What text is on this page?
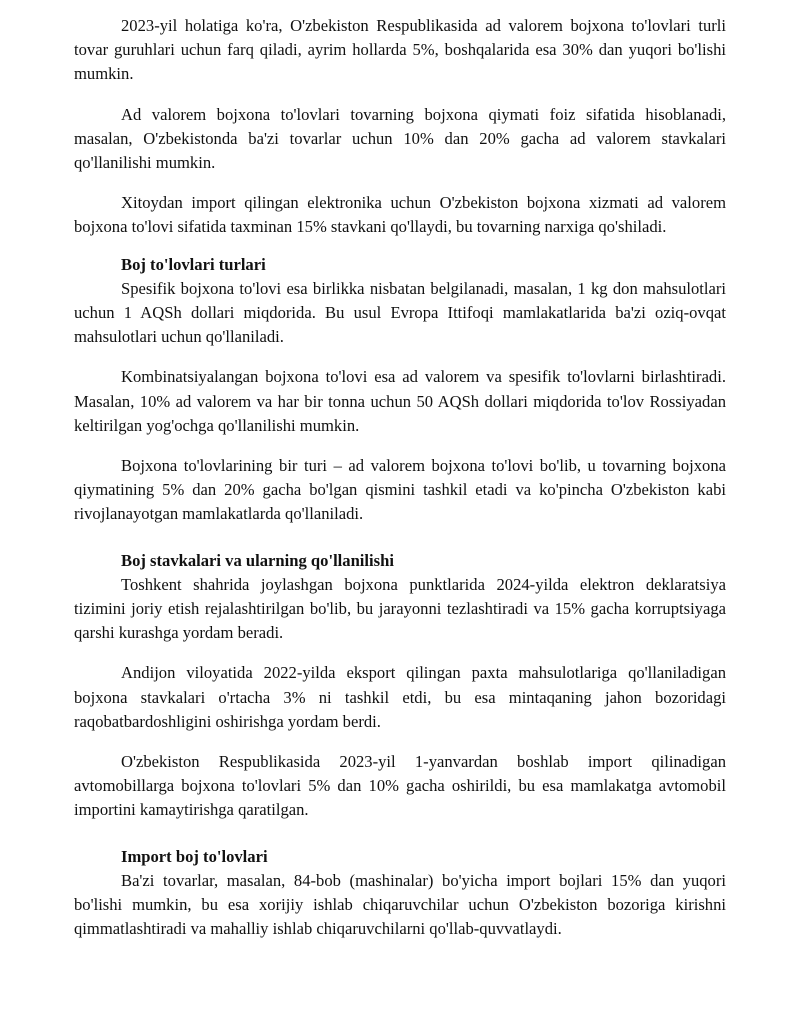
2023-yil holatiga ko'ra, O'zbekiston Respublikasida ad valorem bojxona to'lovlari turli tovar guruhlari uchun farq qiladi, ayrim hollarda 5%, boshqalarida esa 30% dan yuqori bo'lishi mumkin.

Ad valorem bojxona to'lovlari tovarning bojxona qiymati foiz sifatida hisoblanadi, masalan, O'zbekistonda ba'zi tovarlar uchun 10% dan 20% gacha ad valorem stavkalari qo'llanilishi mumkin.

Xitoydan import qilingan elektronika uchun O'zbekiston bojxona xizmati ad valorem bojxona to'lovi sifatida taxminan 15% stavkani qo'llaydi, bu tovarning narxiga qo'shiladi.

Boj to'lovlari turlari

Spesifik bojxona to'lovi esa birlikka nisbatan belgilanadi, masalan, 1 kg don mahsulotlari uchun 1 AQSh dollari miqdorida. Bu usul Evropa Ittifoqi mamlakatlarida ba'zi oziq-ovqat mahsulotlari uchun qo'llaniladi.

Kombinatsiyalangan bojxona to'lovi esa ad valorem va spesifik to'lovlarni birlashtiradi. Masalan, 10% ad valorem va har bir tonna uchun 50 AQSh dollari miqdorida to'lov Rossiyadan keltirilgan yog'ochga qo'llanilishi mumkin.

Bojxona to'lovlarining bir turi – ad valorem bojxona to'lovi bo'lib, u tovarning bojxona qiymatining 5% dan 20% gacha bo'lgan qismini tashkil etadi va ko'pincha O'zbekiston kabi rivojlanayotgan mamlakatlarda qo'llaniladi.

Boj stavkalari va ularning qo'llanilishi

Toshkent shahrida joylashgan bojxona punktlarida 2024-yilda elektron deklaratsiya tizimini joriy etish rejalashtirilgan bo'lib, bu jarayonni tezlashtiradi va 15% gacha korruptsiyaga qarshi kurashga yordam beradi.

Andijon viloyatida 2022-yilda eksport qilingan paxta mahsulotlariga qo'llaniladigan bojxona stavkalari o'rtacha 3% ni tashkil etdi, bu esa mintaqaning jahon bozoridagi raqobatbardoshligini oshirishga yordam berdi.

O'zbekiston Respublikasida 2023-yil 1-yanvardan boshlab import qilinadigan avtomobillarga bojxona to'lovlari 5% dan 10% gacha oshirildi, bu esa mamlakatga avtomobil importini kamaytirishga qaratilgan.

Import boj to'lovlari

Ba'zi tovarlar, masalan, 84-bob (mashinalar) bo'yicha import bojlari 15% dan yuqori bo'lishi mumkin, bu esa xorijiy ishlab chiqaruvchilar uchun O'zbekiston bozoriga kirishni qimmatlashtiradi va mahalliy ishlab chiqaruvchilarni qo'llab-quvvatlaydi.
